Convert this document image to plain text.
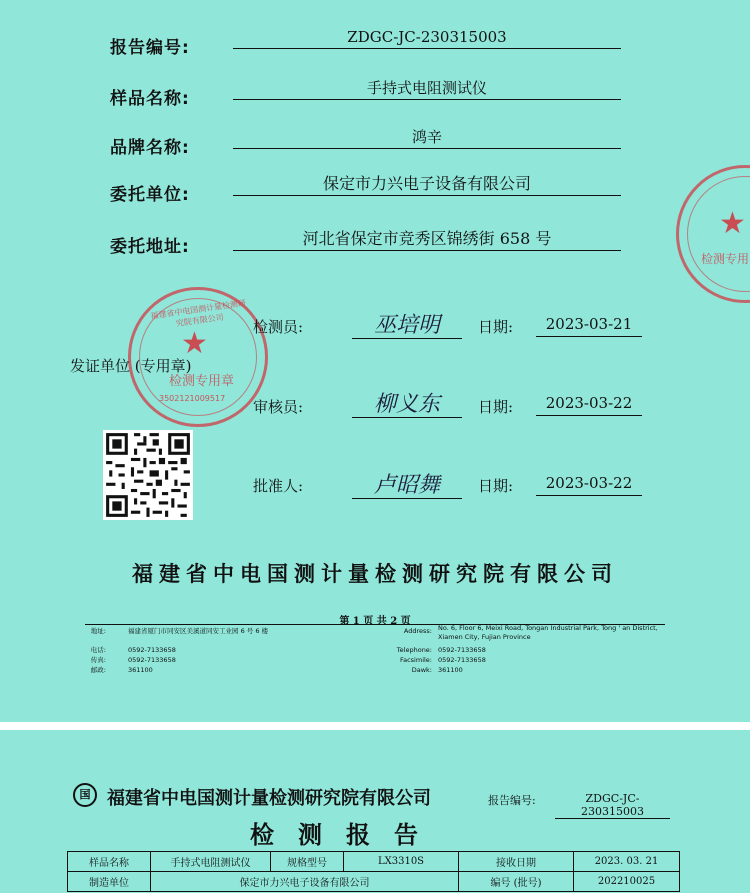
报告编号:
ZDGC-JC-230315003
样品名称:
手持式电阻测试仪
品牌名称:
鸿辛
委托单位:
保定市力兴电子设备有限公司
委托地址:	河北省保定市竞秀区锦绣街 658 号
★
检测专用章
福建省中电国测计量检测研究院有限公司
3502121009517
★
检测专用
发证单位 (专用章)
检测员:	巫培明	日期:	2023-03-21
审核员:	柳义东	日期:	2023-03-22
批准人:	卢昭舞	日期:	2023-03-22
福建省中电国测计量检测研究院有限公司
第 1 页 共 2 页
地址:	福建省厦门市同安区美溪道同安工业园 6 号 6 楼
电话:	0592-7133658
传真:	0592-7133658
邮政:	361100
Address: No. 6, Floor 6, Meixi Road, Tongan Industrial Park, Tong ' an District,
Xiamen City, Fujian Province
Telephone: 0592-7133658
Facsimile: 0592-7133658
Dawk: 361100
国 福建省中电国测计量检测研究院有限公司	报告编号:	ZDGC-JC-230315003
检测报告
样品名称	手持式电阻测试仪	规格型号	LX3310S	接收日期	2023. 03. 21
制造单位	保定市力兴电子设备有限公司			编号 (批号)	202210025
